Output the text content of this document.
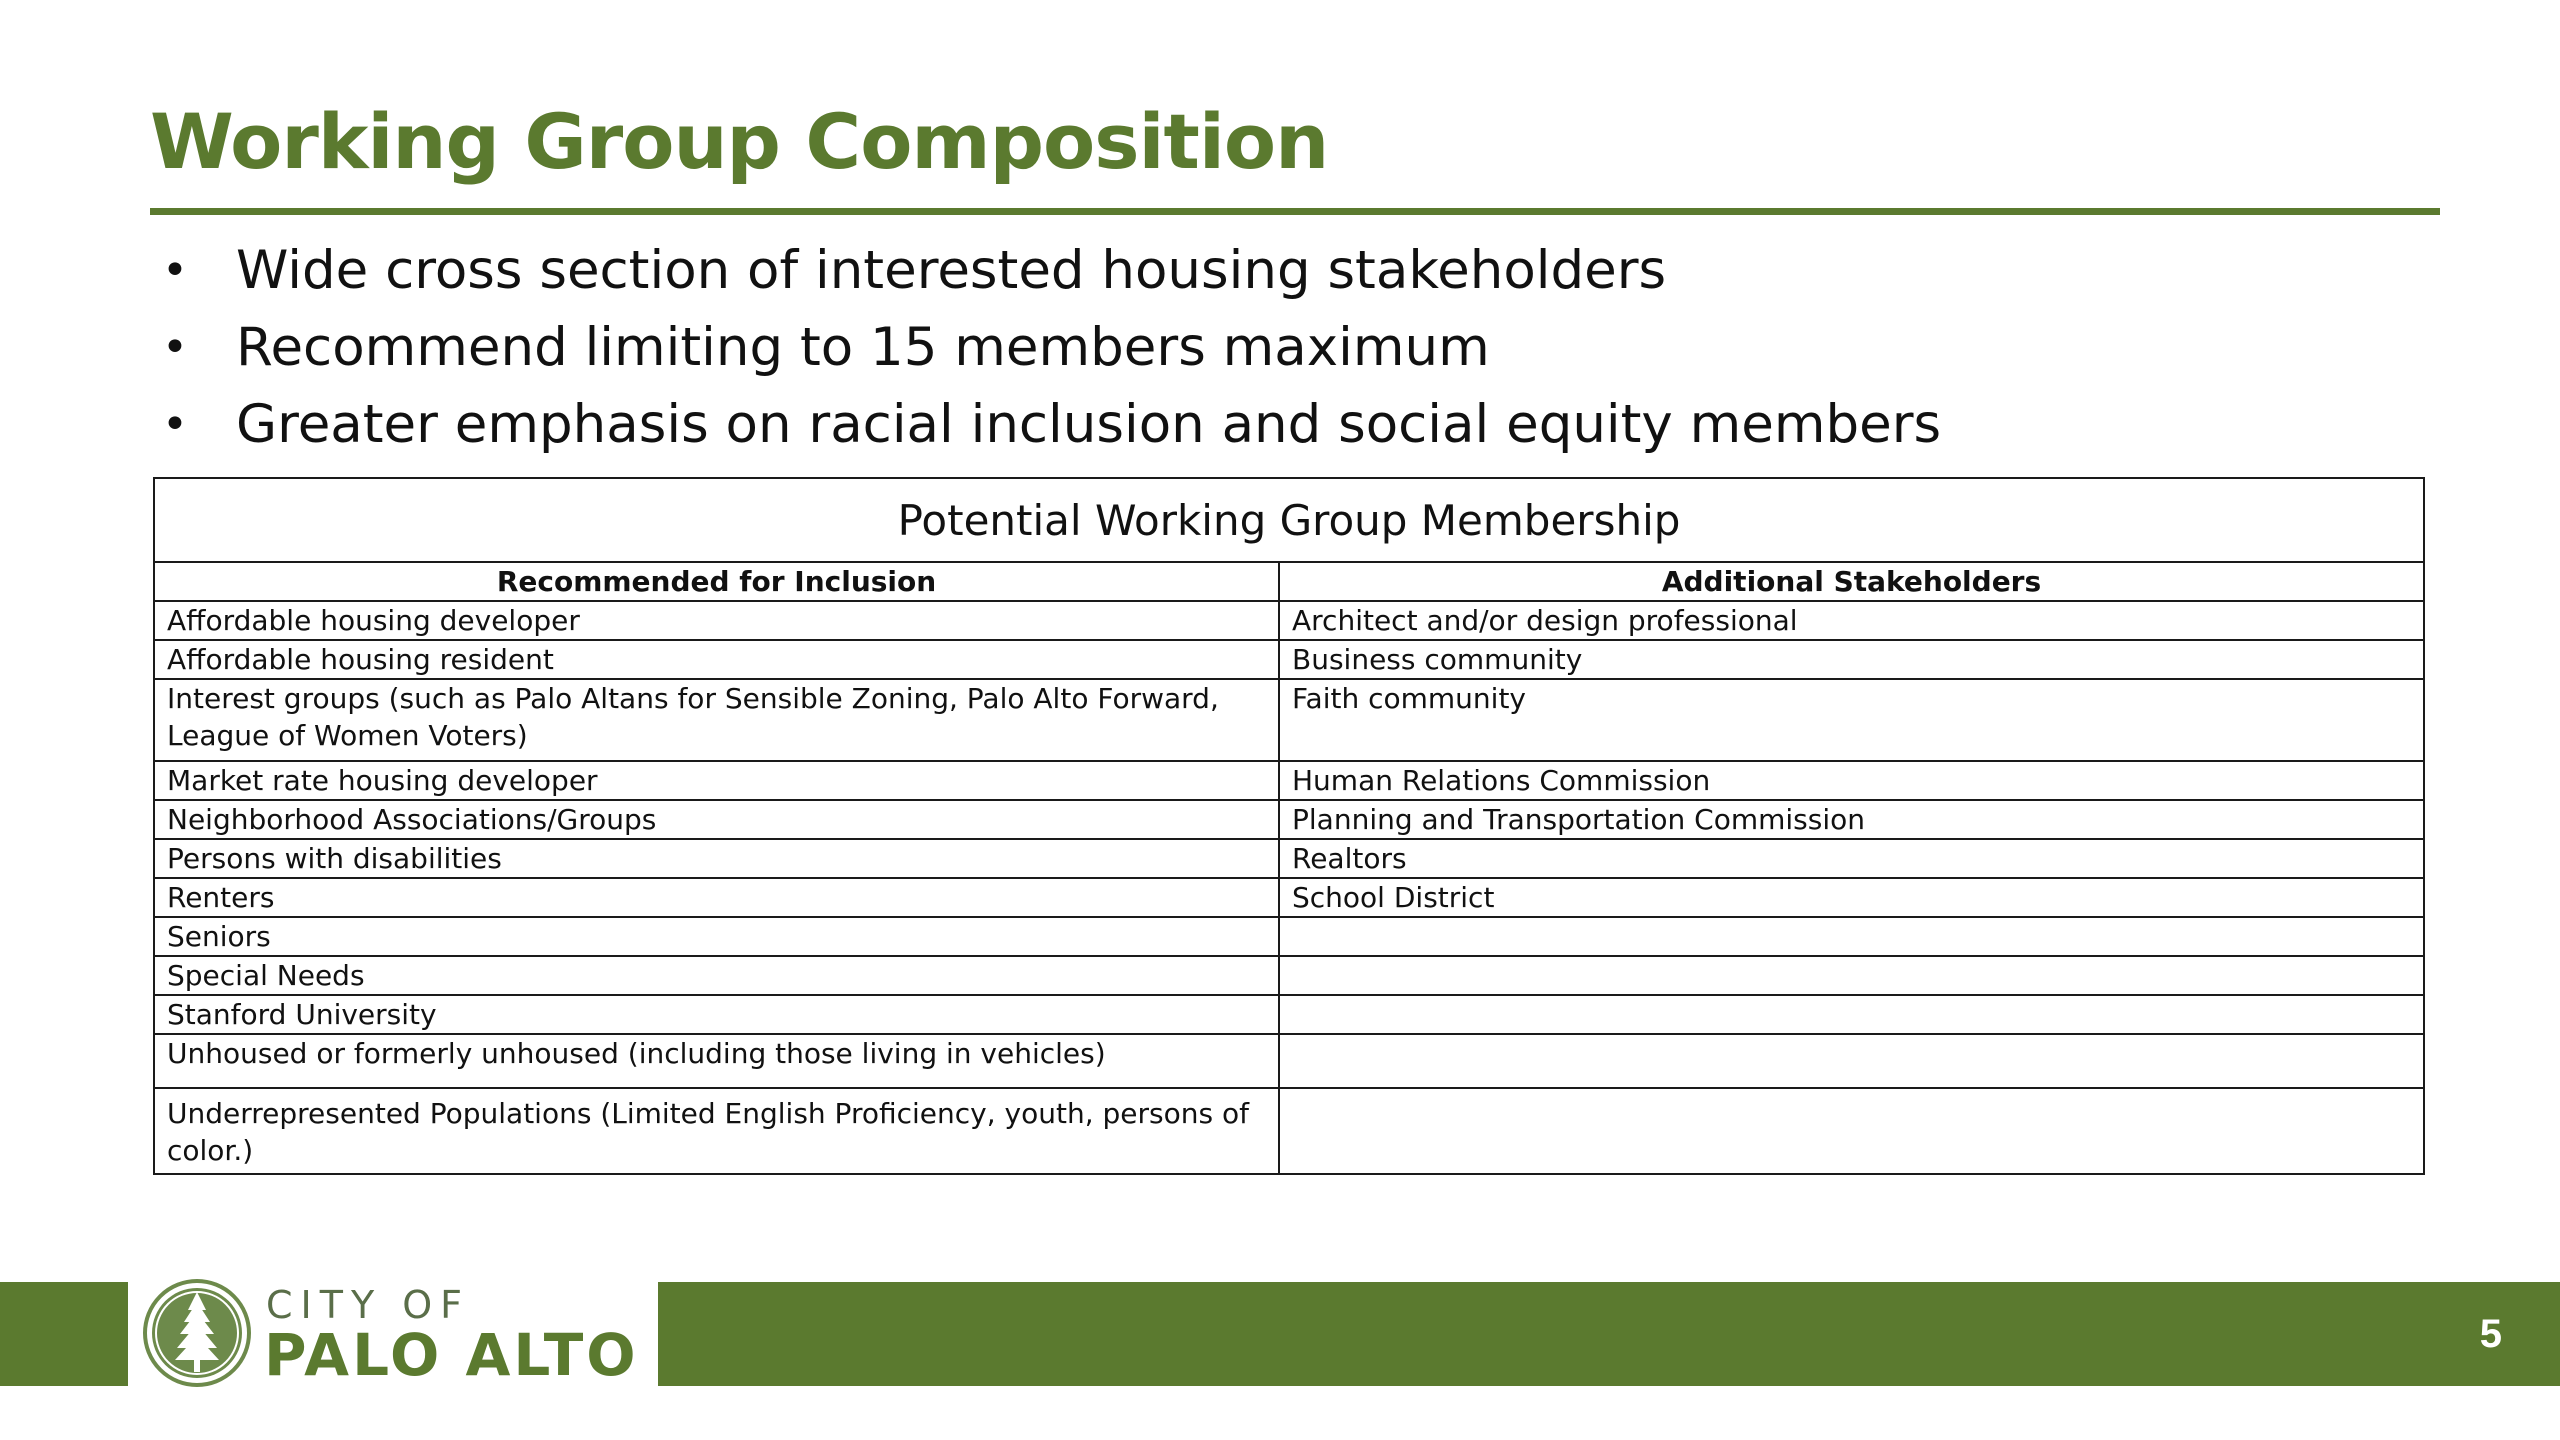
Working Group Composition
• Wide cross section of interested housing stakeholders
• Recommend limiting to 15 members maximum
• Greater emphasis on racial inclusion and social equity members
Potential Working Group Membership	
Recommended for Inclusion	Additional Stakeholders
Affordable housing developer	Architect and/or design professional
Affordable housing resident	Business community
Interest groups (such as Palo Altans for Sensible Zoning, Palo Alto Forward, League of Women Voters)	Faith community
Market rate housing developer	Human Relations Commission
Neighborhood Associations/Groups	Planning and Transportation Commission
Persons with disabilities	Realtors
Renters	School District
Seniors	
Special Needs	
Stanford University	
Unhoused or formerly unhoused (including those living in vehicles)	
Underrepresented Populations (Limited English Proficiency, youth, persons of color.)	
5
CITY OF
PALO ALTO
